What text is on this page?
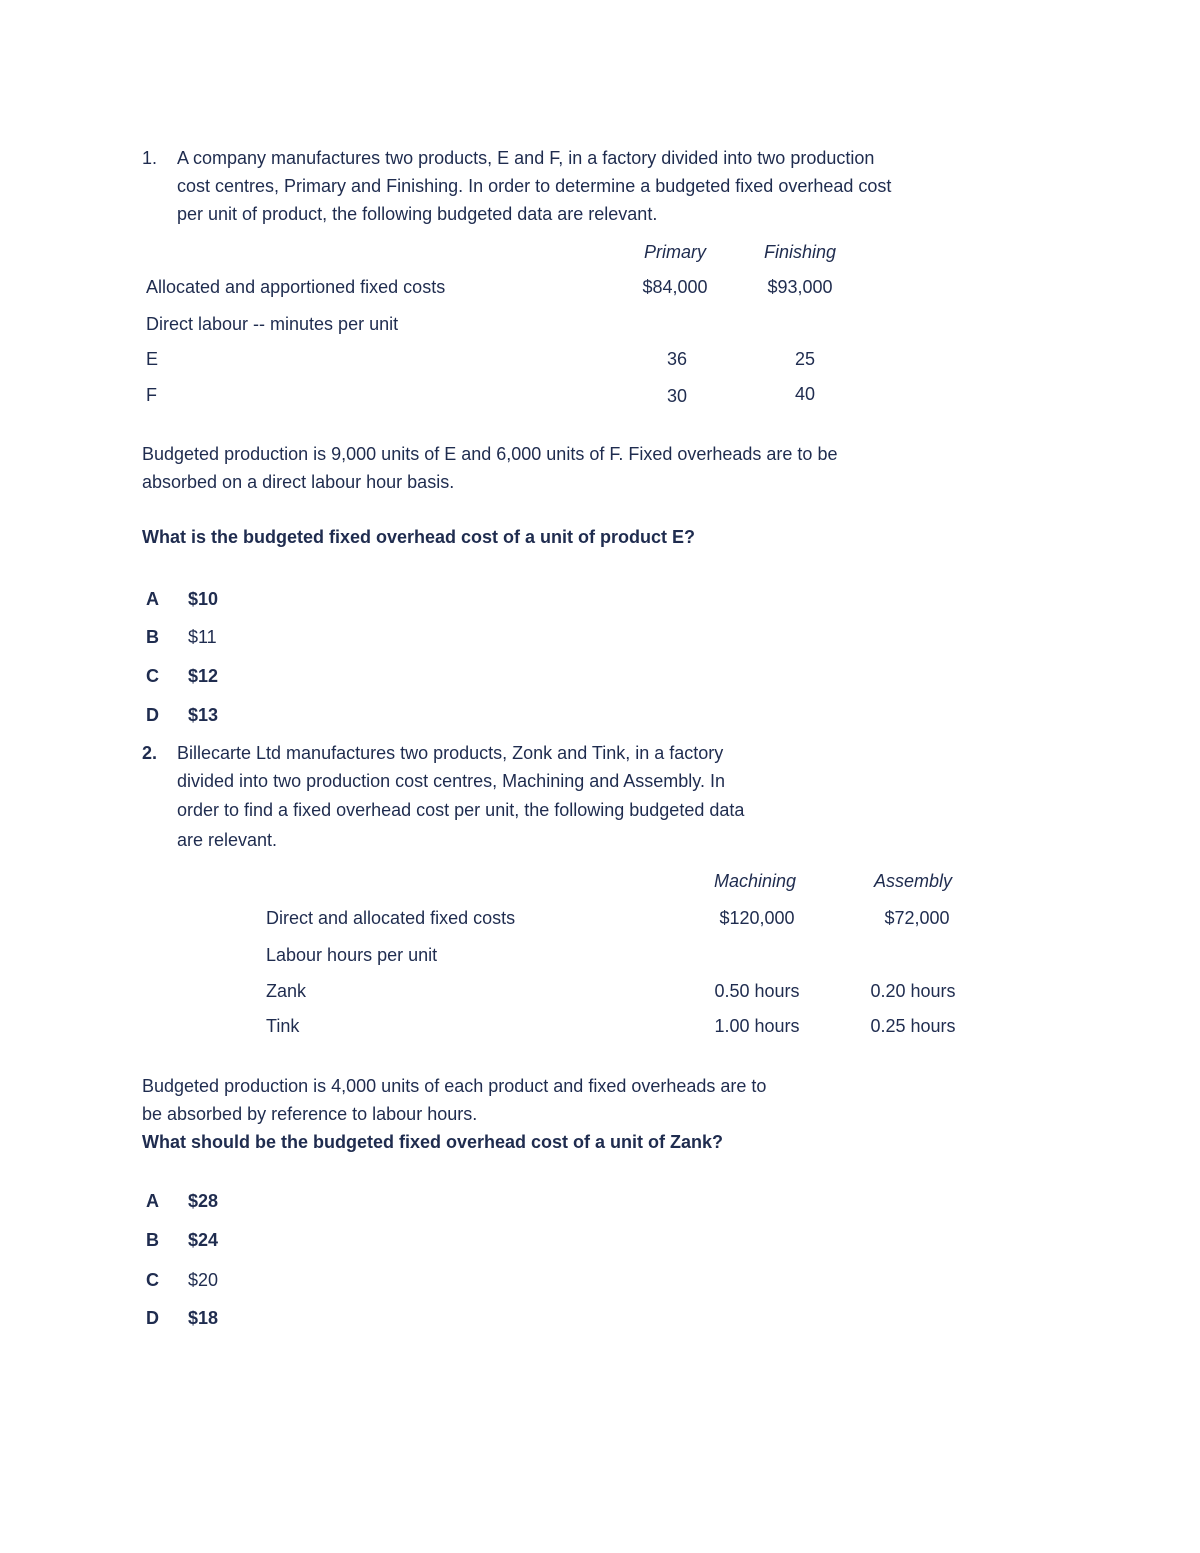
1. A company manufactures two products, E and F, in a factory divided into two production
cost centres, Primary and Finishing. In order to determine a budgeted fixed overhead cost
per unit of product, the following budgeted data are relevant.
Primary	Finishing
Allocated and apportioned fixed costs	$84,000	$93,000
Direct labour -- minutes per unit
E	36	25
F	30	40
Budgeted production is 9,000 units of E and 6,000 units of F. Fixed overheads are to be
absorbed on a direct labour hour basis.
What is the budgeted fixed overhead cost of a unit of product E?
A $10
B $11
C $12
D $13
2. Billecarte Ltd manufactures two products, Zonk and Tink, in a factory
divided into two production cost centres, Machining and Assembly. In
order to find a fixed overhead cost per unit, the following budgeted data
are relevant.
Machining	Assembly
Direct and allocated fixed costs	$120,000	$72,000
Labour hours per unit
Zank	0.50 hours	0.20 hours
Tink	1.00 hours	0.25 hours
Budgeted production is 4,000 units of each product and fixed overheads are to
be absorbed by reference to labour hours.
What should be the budgeted fixed overhead cost of a unit of Zank?
A $28
B $24
C $20
D $18
